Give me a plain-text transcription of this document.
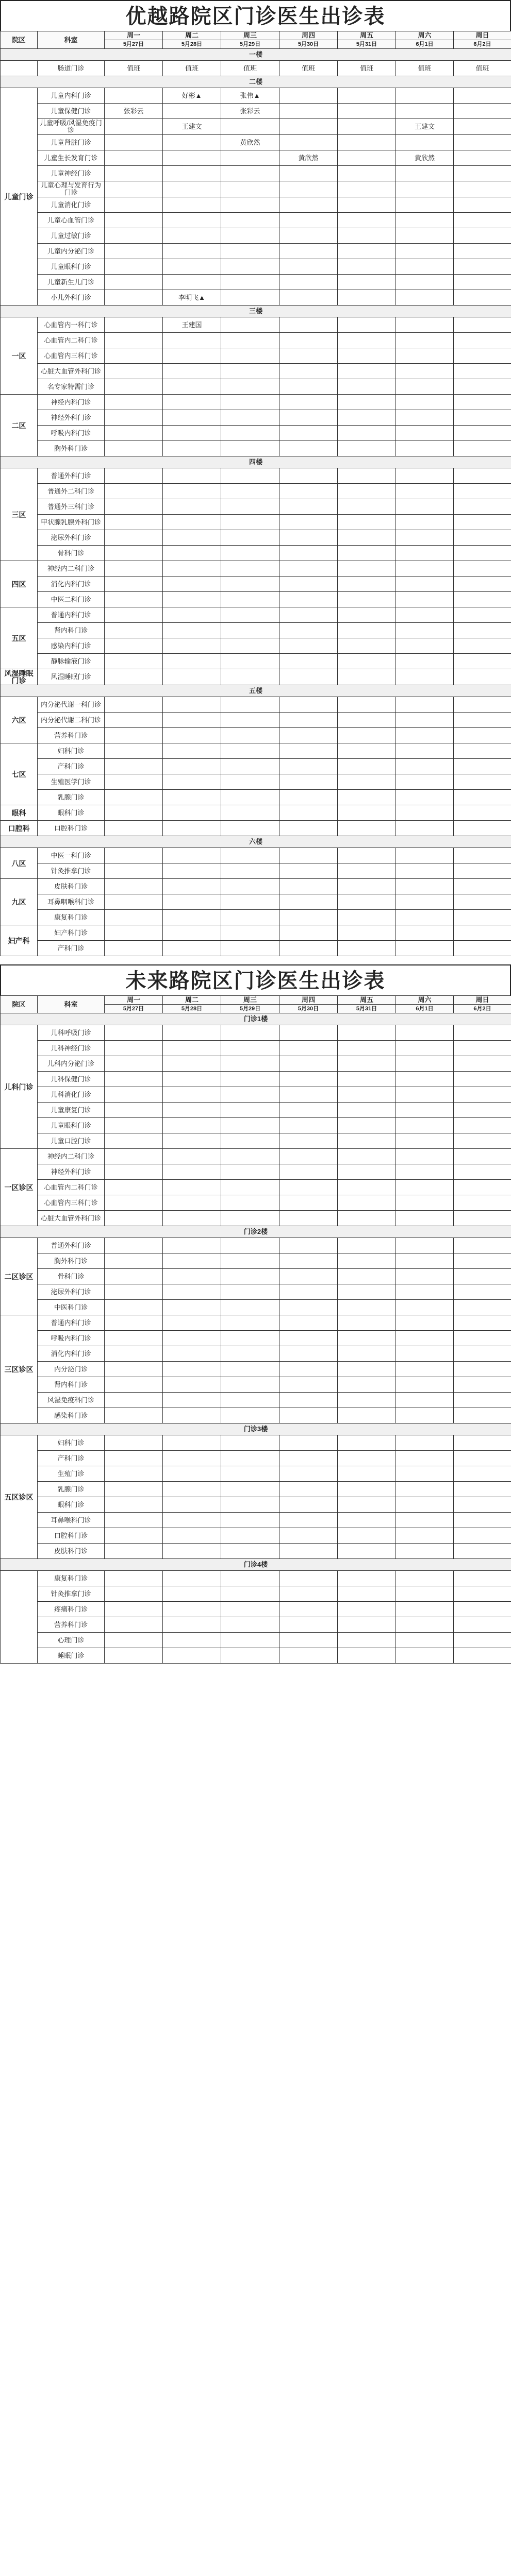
优越路院区门诊医生出诊表
院区	科室	周一	周二	周三	周四	周五	周六	周日
		5月27日	5月28日	5月29日	5月30日	5月31日	6月1日	6月2日
一楼								
	肠道门诊	值班	值班	值班	值班	值班	值班	值班
二楼								
儿童门诊	儿童内科门诊		好彬▲	张伟▲				
	儿童保健门诊	张彩云		张彩云				
	儿童呼吸/风湿免疫门诊		王建文				王建文	
	儿童肾脏门诊			黄欣然				
	儿童生长发育门诊				黄欣然		黄欣然	
	儿童神经门诊							
	儿童心理与发育行为门诊							
	儿童消化门诊							
	儿童心血管门诊							
	儿童过敏门诊							
	儿童内分泌门诊							
	儿童眼科门诊							
	儿童新生儿门诊							
	小儿外科门诊		李明飞▲					
三楼								
一区	心血管内一科门诊		王建国					
	心血管内二科门诊							
	心血管内三科门诊							
	心脏大血管外科门诊							
	名专家特需门诊							
二区	神经内科门诊							
	神经外科门诊							
	呼吸内科门诊							
	胸外科门诊							
四楼								
三区	普通外科门诊							
	普通外二科门诊							
	普通外三科门诊							
	甲状腺乳腺外科门诊							
	泌尿外科门诊							
	骨科门诊							
四区	神经内二科门诊							
	消化内科门诊							
	中医二科门诊							
五区	普通内科门诊							
	肾内科门诊							
	感染内科门诊							
	静脉输液门诊							
风湿睡眠门诊	风湿睡眠门诊							
五楼								
六区	内分泌代谢一科门诊							
	内分泌代谢二科门诊							
	营养科门诊							
七区	妇科门诊							
	产科门诊							
	生殖医学门诊							
	乳腺门诊							
眼科	眼科门诊							
口腔科	口腔科门诊							
六楼								
八区	中医一科门诊							
	针灸推拿门诊							
九区	皮肤科门诊							
	耳鼻咽喉科门诊							
	康复科门诊							
妇产科	妇产科门诊							
	产科门诊							
未来路院区门诊医生出诊表
院区	科室	周一	周二	周三	周四	周五	周六	周日
		5月27日	5月28日	5月29日	5月30日	5月31日	6月1日	6月2日
门诊1楼								
儿科门诊	儿科呼吸门诊							
	儿科神经门诊							
	儿科内分泌门诊							
	儿科保健门诊							
	儿科消化门诊							
	儿童康复门诊							
	儿童眼科门诊							
	儿童口腔门诊							
一区诊区	神经内二科门诊							
	神经外科门诊							
	心血管内二科门诊							
	心血管内三科门诊							
	心脏大血管外科门诊							
门诊2楼								
二区诊区	普通外科门诊							
	胸外科门诊							
	骨科门诊							
	泌尿外科门诊							
	中医科门诊							
三区诊区	普通内科门诊							
	呼吸内科门诊							
	消化内科门诊							
	内分泌门诊							
	肾内科门诊							
	风湿免疫科门诊							
	感染科门诊							
门诊3楼								
五区诊区	妇科门诊							
	产科门诊							
	生殖门诊							
	乳腺门诊							
	眼科门诊							
	耳鼻喉科门诊							
	口腔科门诊							
	皮肤科门诊							
门诊4楼								
	康复科门诊							
	针灸推拿门诊							
	疼痛科门诊							
	营养科门诊							
	心理门诊							
	睡眠门诊							
